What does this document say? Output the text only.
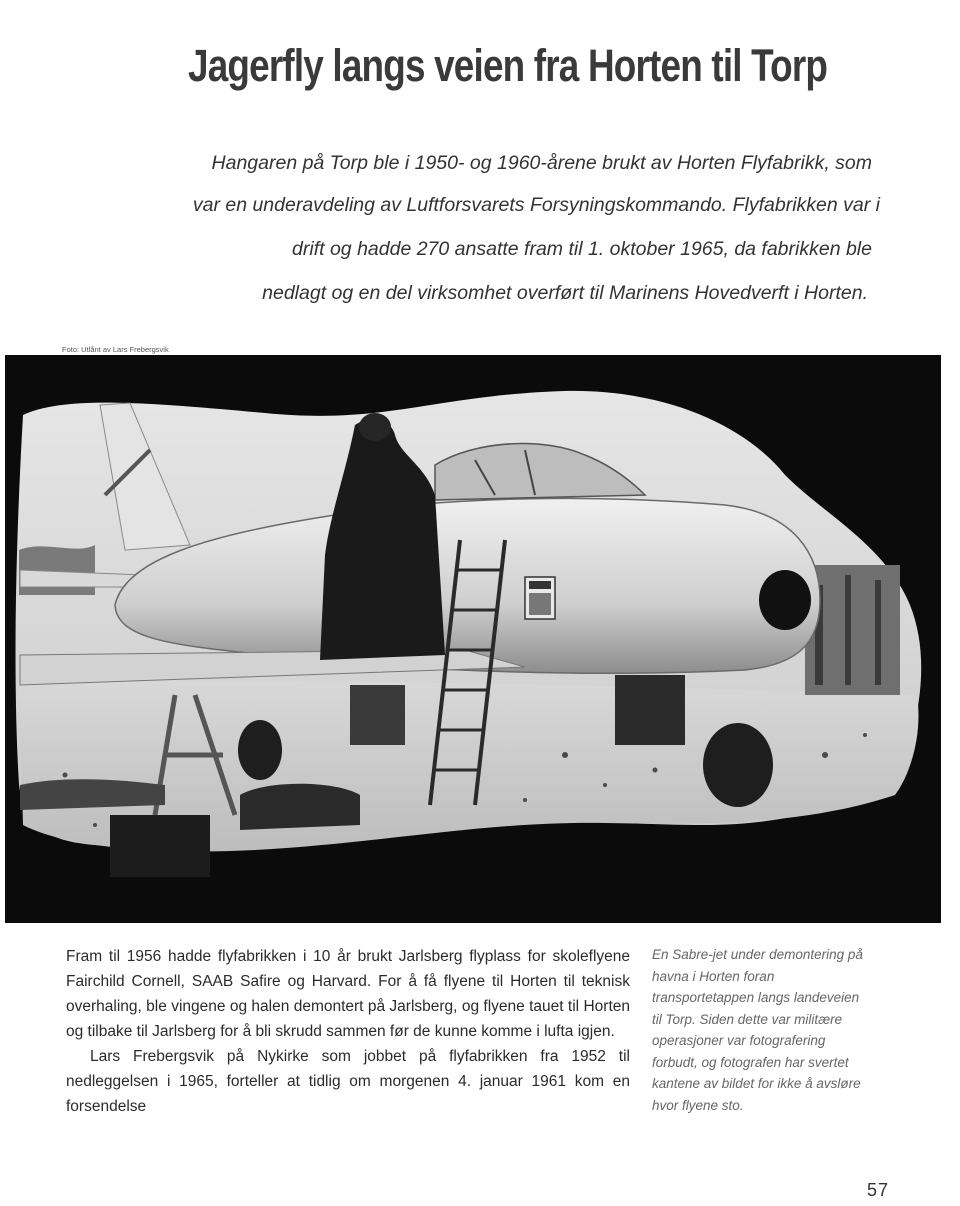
Jagerfly langs veien fra Horten til Torp
Hangaren på Torp ble i 1950- og 1960-årene brukt av Horten Flyfabrikk, som
var en underavdeling av Luftforsvarets Forsyningskommando. Flyfabrikken var i
drift og hadde 270 ansatte fram til 1. oktober 1965, da fabrikken ble
nedlagt og en del virksomhet overført til Marinens Hovedverft i Horten.
Foto: Utlånt av Lars Frebergsvik

Fram til 1956 hadde flyfabrikken i 10 år brukt Jarlsberg flyplass for skoleflyene Fairchild Cornell, SAAB Safire og Harvard. For å få flyene til Horten til teknisk overhaling, ble vingene og halen demontert på Jarlsberg, og flyene tauet til Horten og tilbake til Jarlsberg for å bli skrudd sammen før de kunne komme i lufta igjen.

Lars Frebergsvik på Nykirke som jobbet på flyfabrikken fra 1952 til nedleggelsen i 1965, forteller at tidlig om morgenen 4. januar 1961 kom en forsendelse

En Sabre-jet under demontering på havna i Horten foran transportetappen langs landeveien til Torp. Siden dette var militære operasjoner var fotografering forbudt, og fotografen har svertet kantene av bildet for ikke å avsløre hvor flyene sto.
57
